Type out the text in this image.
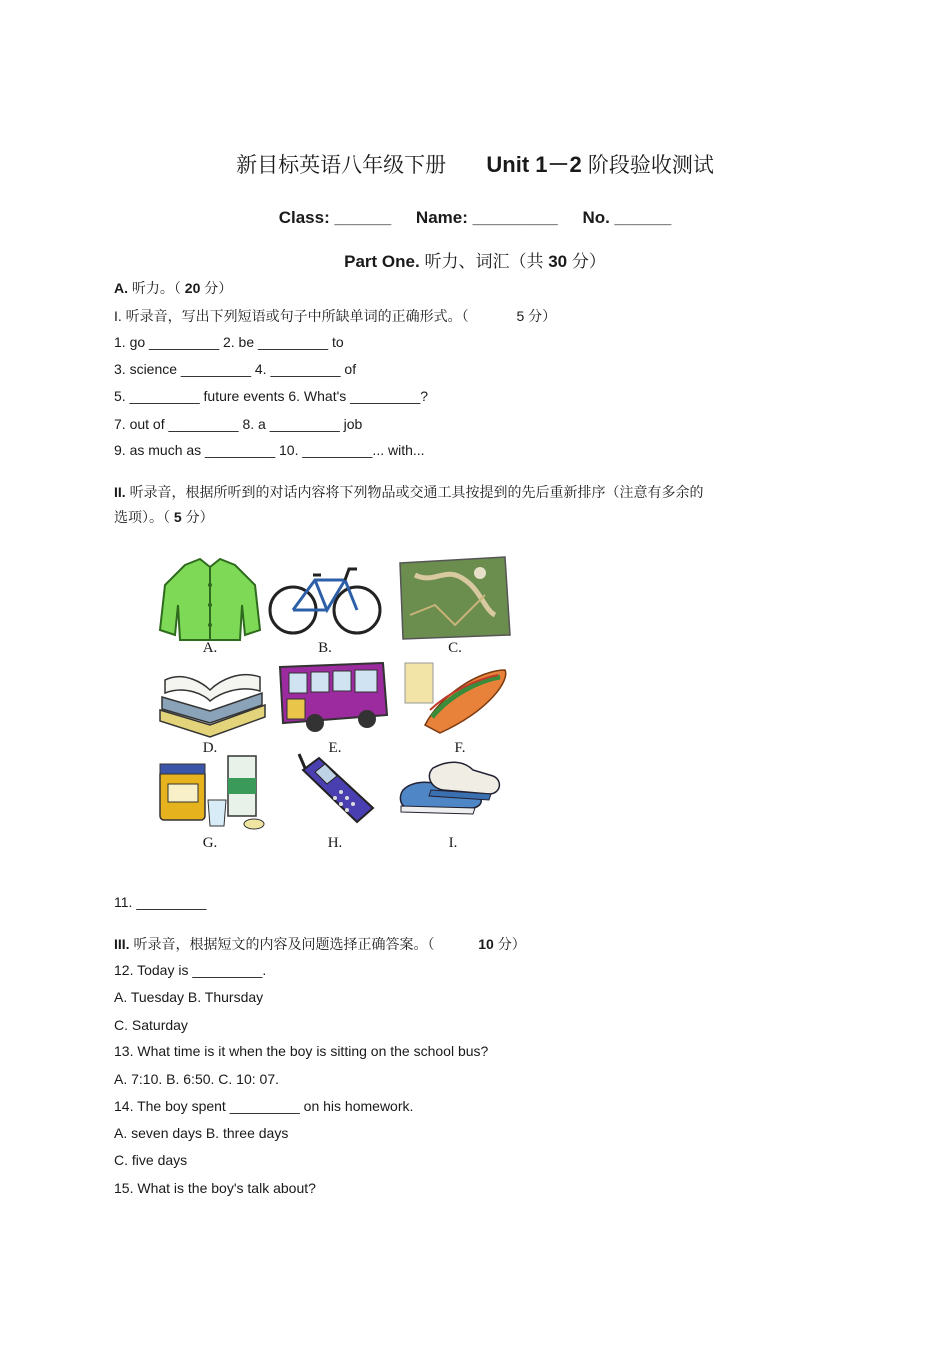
新目标英语八年级下册 Unit 1－2 阶段验收测试
Class: ______ Name: _________ No. ______
Part One. 听力、词汇（共 30 分）
A. 听力。（ 20 分）
I. 听录音，写出下列短语或句子中所缺单词的正确形式。（	5 分）
1. go _________ 2. be _________ to
3. science _________ 4. _________ of
5. _________ future events 6. What's _________?
7. out of _________ 8. a _________ job
9. as much as _________ 10. _________... with...
II. 听录音，根据所听到的对话内容将下列物品或交通工具按提到的先后重新排序（注意有多余的
选项）。（ 5 分）
A.	B.	C.
D.	E.	F.
G.	H.	I.
11. _________
III. 听录音，根据短文的内容及问题选择正确答案。（	10 分）
12. Today is _________.
A. Tuesday B. Thursday
C. Saturday
13. What time is it when the boy is sitting on the school bus?
A. 7:10. B. 6:50. C. 10: 07.
14. The boy spent _________ on his homework.
A. seven days B. three days
C. five days
15. What is the boy's talk about?
